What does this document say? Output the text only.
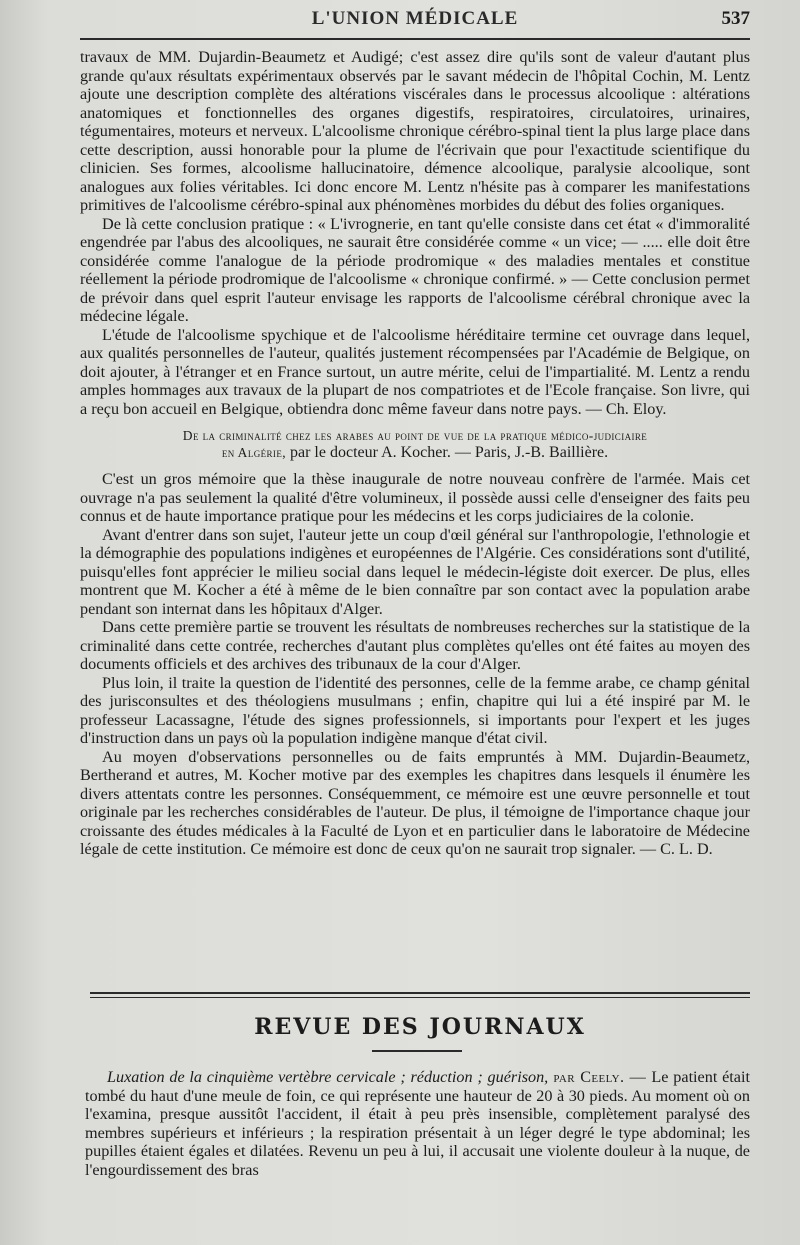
L'UNION MÉDICALE	537

travaux de MM. Dujardin-Beaumetz et Audigé; c'est assez dire qu'ils sont de valeur d'autant plus grande qu'aux résultats expérimentaux observés par le savant médecin de l'hôpital Cochin, M. Lentz ajoute une description complète des altérations viscérales dans le processus alcoolique : altérations anatomiques et fonctionnelles des organes digestifs, respiratoires, circulatoires, urinaires, tégumentaires, moteurs et nerveux. L'alcoolisme chronique cérébro-spinal tient la plus large place dans cette description, aussi honorable pour la plume de l'écrivain que pour l'exactitude scientifique du clinicien. Ses formes, alcoolisme hallucinatoire, démence alcoolique, paralysie alcoolique, sont analogues aux folies véritables. Ici donc encore M. Lentz n'hésite pas à comparer les manifestations primitives de l'alcoolisme cérébro-spinal aux phénomènes morbides du début des folies organiques.

De là cette conclusion pratique : « L'ivrognerie, en tant qu'elle consiste dans cet état « d'immoralité engendrée par l'abus des alcooliques, ne saurait être considérée comme « un vice; — ..... elle doit être considérée comme l'analogue de la période prodromique « des maladies mentales et constitue réellement la période prodromique de l'alcoolisme « chronique confirmé. » — Cette conclusion permet de prévoir dans quel esprit l'auteur envisage les rapports de l'alcoolisme cérébral chronique avec la médecine légale.

L'étude de l'alcoolisme spychique et de l'alcoolisme héréditaire termine cet ouvrage dans lequel, aux qualités personnelles de l'auteur, qualités justement récompensées par l'Académie de Belgique, on doit ajouter, à l'étranger et en France surtout, un autre mérite, celui de l'impartialité. M. Lentz a rendu amples hommages aux travaux de la plupart de nos compatriotes et de l'Ecole française. Son livre, qui a reçu bon accueil en Belgique, obtiendra donc même faveur dans notre pays. — Ch. Eloy.

De la criminalité chez les arabes au point de vue de la pratique médico-judiciaire
en Algérie, par le docteur A. Kocher. — Paris, J.-B. Baillière.

C'est un gros mémoire que la thèse inaugurale de notre nouveau confrère de l'armée. Mais cet ouvrage n'a pas seulement la qualité d'être volumineux, il possède aussi celle d'enseigner des faits peu connus et de haute importance pratique pour les médecins et les corps judiciaires de la colonie.

Avant d'entrer dans son sujet, l'auteur jette un coup d'œil général sur l'anthropologie, l'ethnologie et la démographie des populations indigènes et européennes de l'Algérie. Ces considérations sont d'utilité, puisqu'elles font apprécier le milieu social dans lequel le médecin-légiste doit exercer. De plus, elles montrent que M. Kocher a été à même de le bien connaître par son contact avec la population arabe pendant son internat dans les hôpitaux d'Alger.

Dans cette première partie se trouvent les résultats de nombreuses recherches sur la statistique de la criminalité dans cette contrée, recherches d'autant plus complètes qu'elles ont été faites au moyen des documents officiels et des archives des tribunaux de la cour d'Alger.

Plus loin, il traite la question de l'identité des personnes, celle de la femme arabe, ce champ génital des jurisconsultes et des théologiens musulmans ; enfin, chapitre qui lui a été inspiré par M. le professeur Lacassagne, l'étude des signes professionnels, si importants pour l'expert et les juges d'instruction dans un pays où la population indigène manque d'état civil.

Au moyen d'observations personnelles ou de faits empruntés à MM. Dujardin-Beaumetz, Bertherand et autres, M. Kocher motive par des exemples les chapitres dans lesquels il énumère les divers attentats contre les personnes. Conséquemment, ce mémoire est une œuvre personnelle et tout originale par les recherches considérables de l'auteur. De plus, il témoigne de l'importance chaque jour croissante des études médicales à la Faculté de Lyon et en particulier dans le laboratoire de Médecine légale de cette institution. Ce mémoire est donc de ceux qu'on ne saurait trop signaler. — C. L. D.

REVUE DES JOURNAUX

Luxation de la cinquième vertèbre cervicale ; réduction ; guérison, par Ceely. — Le patient était tombé du haut d'une meule de foin, ce qui représente une hauteur de 20 à 30 pieds. Au moment où on l'examina, presque aussitôt l'accident, il était à peu près insensible, complètement paralysé des membres supérieurs et inférieurs ; la respiration présentait à un léger degré le type abdominal; les pupilles étaient égales et dilatées. Revenu un peu à lui, il accusait une violente douleur à la nuque, de l'engourdissement des bras
